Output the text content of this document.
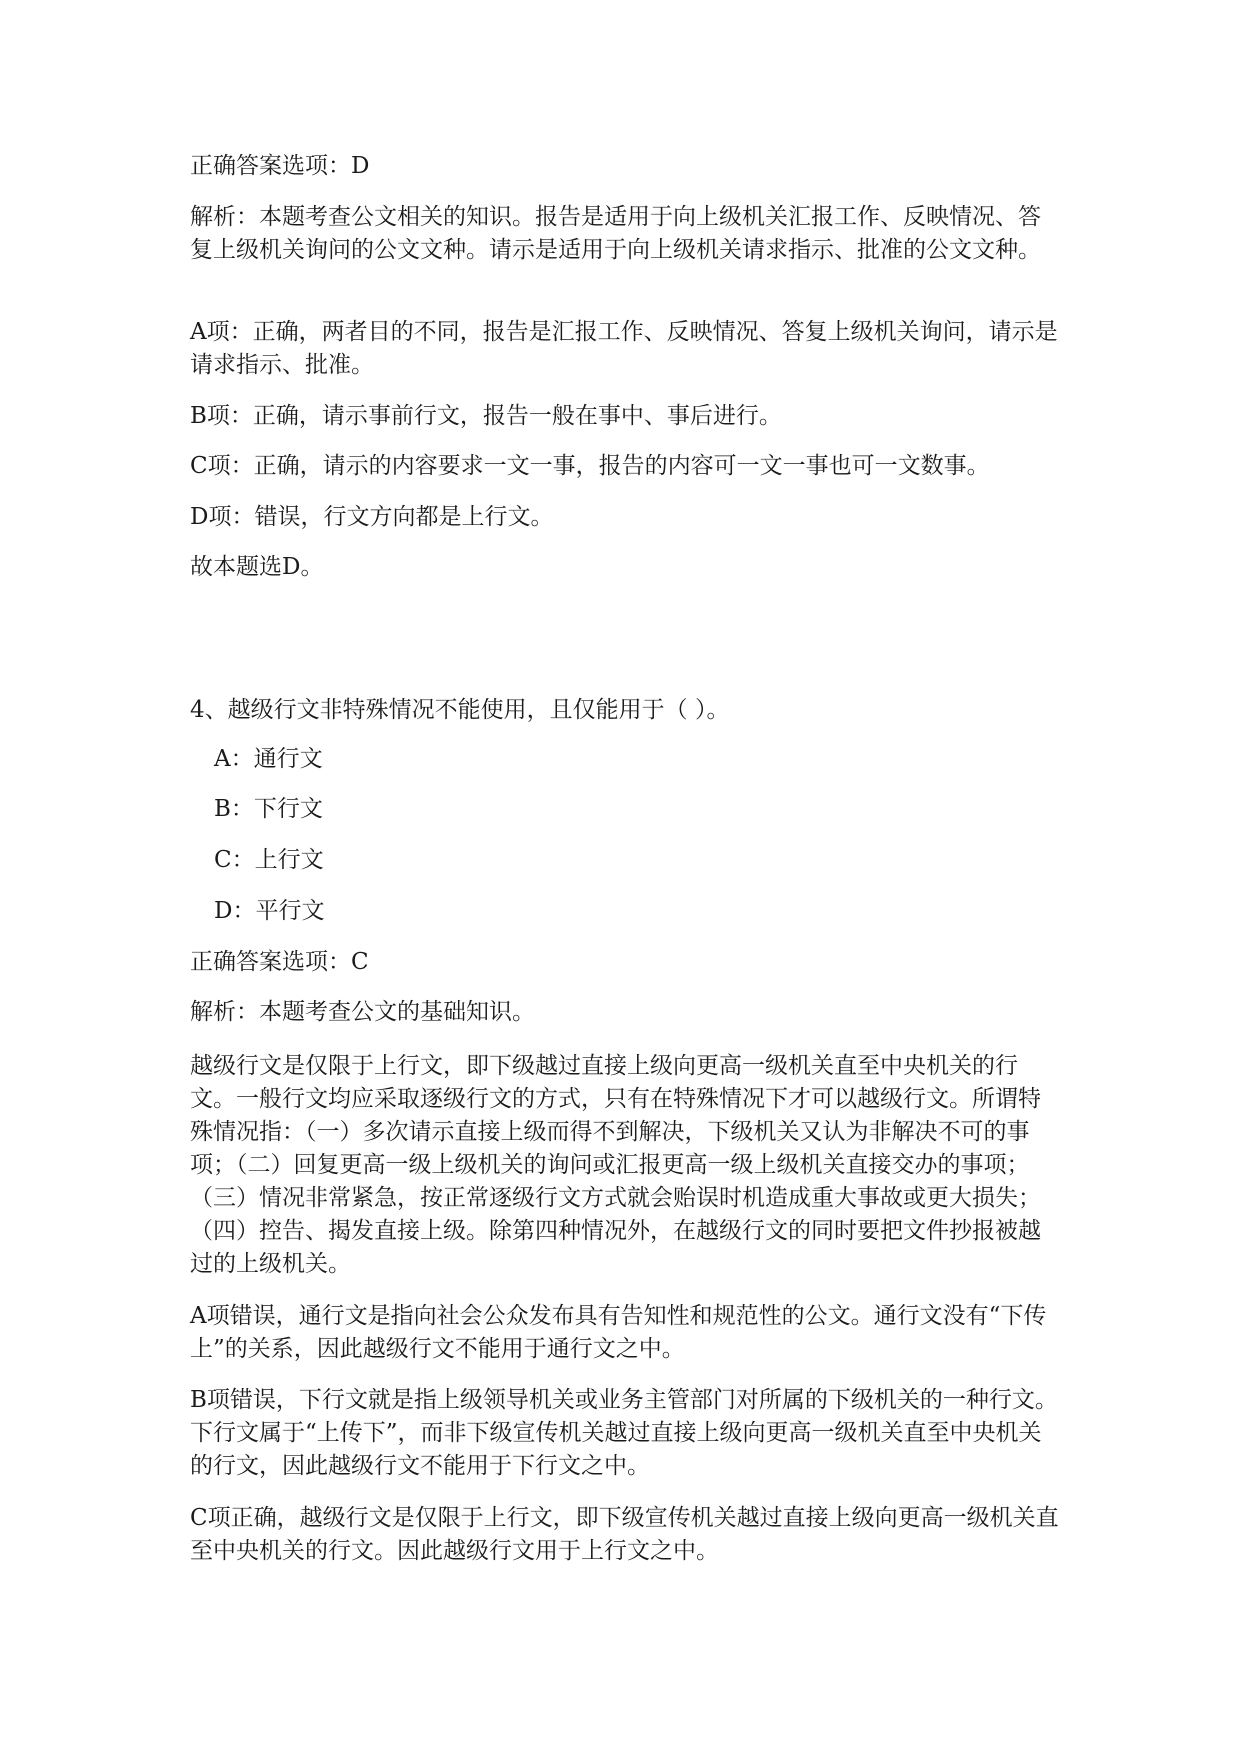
正确答案选项：D

解析：本题考查公文相关的知识。报告是适用于向上级机关汇报工作、反映情况、答复上级机关询问的公文文种。请示是适用于向上级机关请求指示、批准的公文文种。

A项：正确，两者目的不同，报告是汇报工作、反映情况、答复上级机关询问，请示是请求指示、批准。

B项：正确，请示事前行文，报告一般在事中、事后进行。

C项：正确，请示的内容要求一文一事，报告的内容可一文一事也可一文数事。

D项：错误，行文方向都是上行文。

故本题选D。

4、越级行文非特殊情况不能使用，且仅能用于（ ）。

A：通行文

B：下行文

C：上行文

D：平行文

正确答案选项：C

解析：本题考查公文的基础知识。

越级行文是仅限于上行文，即下级越过直接上级向更高一级机关直至中央机关的行文。一般行文均应采取逐级行文的方式，只有在特殊情况下才可以越级行文。所谓特殊情况指：（一）多次请示直接上级而得不到解决，下级机关又认为非解决不可的事项；（二）回复更高一级上级机关的询问或汇报更高一级上级机关直接交办的事项；（三）情况非常紧急，按正常逐级行文方式就会贻误时机造成重大事故或更大损失；（四）控告、揭发直接上级。除第四种情况外，在越级行文的同时要把文件抄报被越过的上级机关。

A项错误，通行文是指向社会公众发布具有告知性和规范性的公文。通行文没有“下传上”的关系，因此越级行文不能用于通行文之中。

B项错误，下行文就是指上级领导机关或业务主管部门对所属的下级机关的一种行文。下行文属于“上传下”，而非下级宣传机关越过直接上级向更高一级机关直至中央机关的行文，因此越级行文不能用于下行文之中。

C项正确，越级行文是仅限于上行文，即下级宣传机关越过直接上级向更高一级机关直至中央机关的行文。因此越级行文用于上行文之中。
